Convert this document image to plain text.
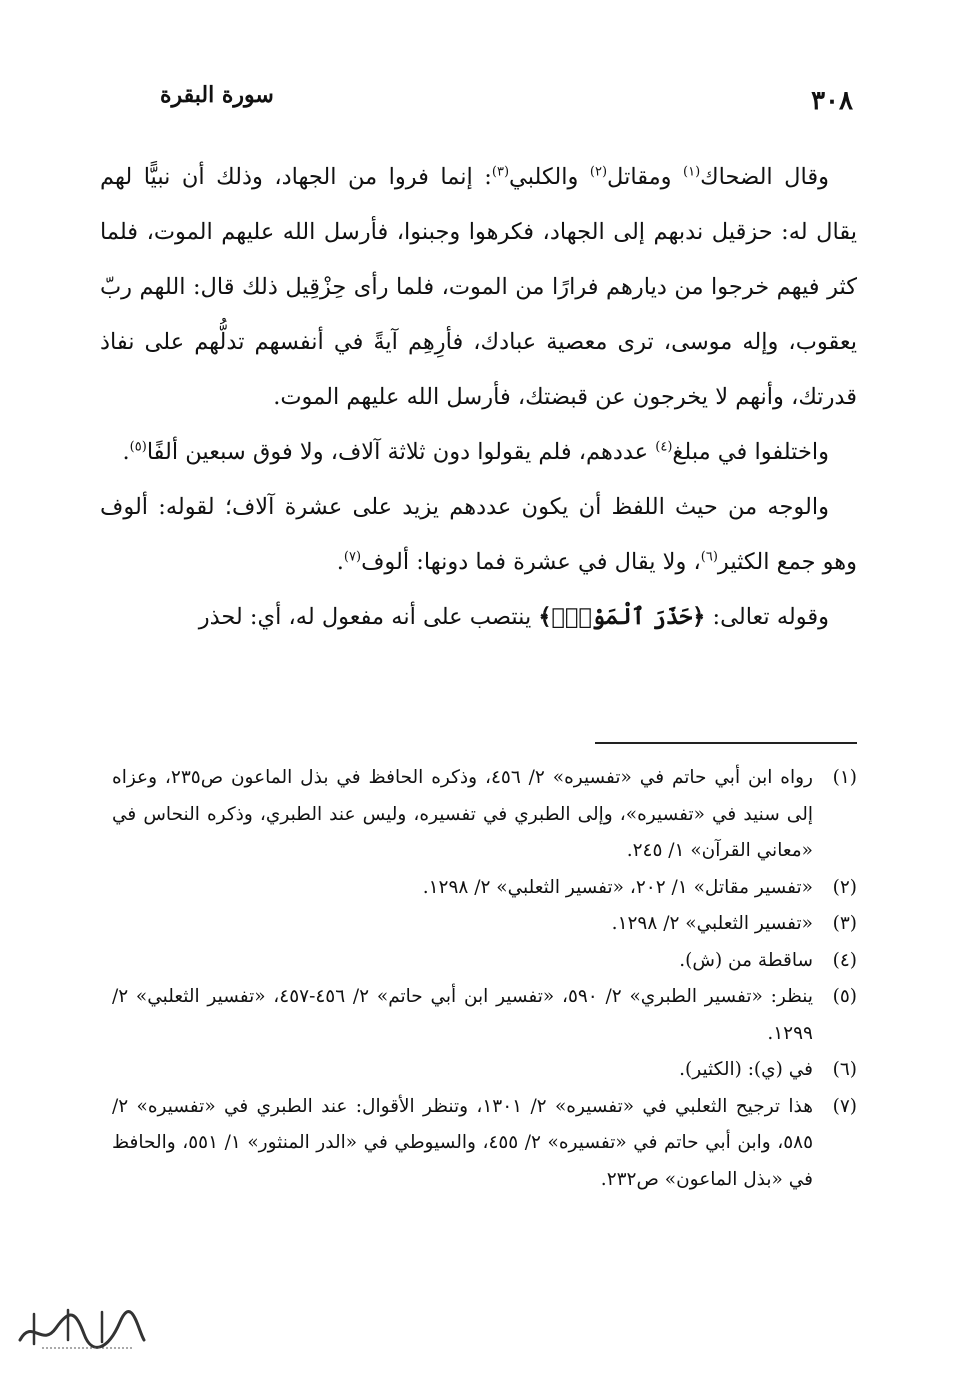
٣٠٨
سورة البقرة

وقال الضحاك$^{(١)}$ ومقاتل$^{(٢)}$ والكلبي$^{(٣)}$: إنما فروا من الجهاد، وذلك أن نبيًّا لهم يقال له: حزقيل ندبهم إلى الجهاد، فكرهوا وجبنوا، فأرسل الله عليهم الموت، فلما كثر فيهم خرجوا من ديارهم فرارًا من الموت، فلما رأى حِزْقِيل ذلك قال: اللهم ربّ يعقوب، وإله موسى، ترى معصية عبادك، فأرِهِم آيةً في أنفسهم تدلُّهم على نفاذ قدرتك، وأنهم لا يخرجون عن قبضتك، فأرسل الله عليهم الموت.

واختلفوا في مبلغ$^{(٤)}$ عددهم، فلم يقولوا دون ثلاثة آلاف، ولا فوق سبعين ألفًا$^{(٥)}$.

والوجه من حيث اللفظ أن يكون عددهم يزيد على عشرة آلاف؛ لقوله: ألوف وهو جمع الكثير$^{(٦)}$، ولا يقال في عشرة فما دونها: ألوف$^{(٧)}$.

وقوله تعالى: ﴿حَذَرَ ٱلْمَوْتِۖ﴾ ينتصب على أنه مفعول له، أي: لحذر

(١)
رواه ابن أبي حاتم في «تفسيره» ٢/ ٤٥٦، وذكره الحافظ في بذل الماعون ص٢٣٥، وعزاه إلى سنيد في «تفسيره»، وإلى الطبري في تفسيره، وليس عند الطبري، وذكره النحاس في «معاني القرآن» ١/ ٢٤٥.

(٢)
«تفسير مقاتل» ١/ ٢٠٢، «تفسير الثعلبي» ٢/ ١٢٩٨.

(٣)
«تفسير الثعلبي» ٢/ ١٢٩٨.

(٤)
ساقطة من (ش).

(٥)
ينظر: «تفسير الطبري» ٢/ ٥٩٠، «تفسير ابن أبي حاتم» ٢/ ٤٥٦-٤٥٧، «تفسير الثعلبي» ٢/ ١٢٩٩.

(٦)
في (ي): (الكثير).

(٧)
هذا ترجيح الثعلبي في «تفسيره» ٢/ ١٣٠١، وتنظر الأقوال: عند الطبري في «تفسيره» ٢/ ٥٨٥، وابن أبي حاتم في «تفسيره» ٢/ ٤٥٥، والسيوطي في «الدر المنثور» ١/ ٥٥١، والحافظ في «بذل الماعون» ص٢٣٢.
